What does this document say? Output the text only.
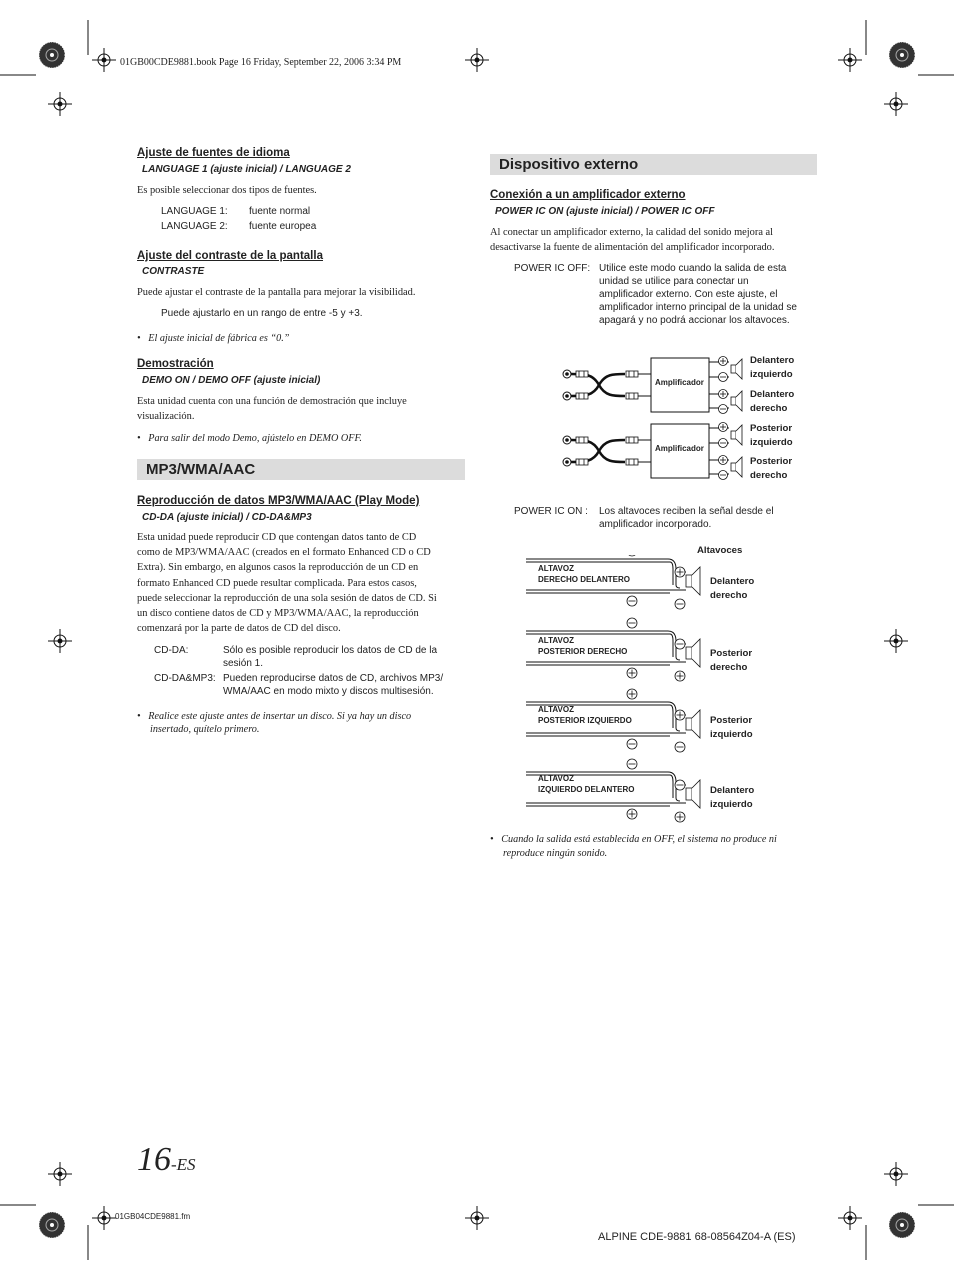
01GB00CDE9881.book Page 16 Friday, September 22, 2006 3:34 PM
Ajuste de fuentes de idioma
LANGUAGE 1 (ajuste inicial) / LANGUAGE 2
Es posible seleccionar dos tipos de fuentes.
LANGUAGE 1: fuente normal
LANGUAGE 2: fuente europea
Ajuste del contraste de la pantalla
CONTRASTE
Puede ajustar el contraste de la pantalla para mejorar la visibilidad.
Puede ajustarlo en un rango de entre -5 y +3.
•   El ajuste inicial de fábrica es “0.”
Demostración
DEMO ON / DEMO OFF (ajuste inicial)
Esta unidad cuenta con una función de demostración que incluye
visualización.
•   Para salir del modo Demo, ajústelo en DEMO OFF.
MP3/WMA/AAC
Reproducción de datos MP3/WMA/AAC (Play Mode)
CD-DA (ajuste inicial) / CD-DA&MP3
Esta unidad puede reproducir CD que contengan datos tanto de CD
como de MP3/WMA/AAC (creados en el formato Enhanced CD o CD
Extra). Sin embargo, en algunos casos la reproducción de un CD en
formato Enhanced CD puede resultar complicada. Para estos casos,
puede seleccionar la reproducción de una sola sesión de datos de CD. Si
un disco contiene datos de CD y MP3/WMA/AAC, la reproducción
comenzará por la parte de datos de CD del disco.
CD-DA:	Sólo es posible reproducir los datos de CD de la
sesión 1.
CD-DA&MP3: Pueden reproducirse datos de CD, archivos MP3/
WMA/AAC en modo mixto y discos multisesión.
•   Realice este ajuste antes de insertar un disco. Si ya hay un disco
insertado, quítelo primero.
Dispositivo externo
Conexión a un amplificador externo
POWER IC ON (ajuste inicial) / POWER IC OFF
Al conectar un amplificador externo, la calidad del sonido mejora al
desactivarse la fuente de alimentación del amplificador incorporado.
POWER IC OFF: Utilice este modo cuando la salida de esta
unidad se utilice para conectar un
amplificador externo. Con este ajuste, el
amplificador interno principal de la unidad se
apagará y no podrá accionar los altavoces.
Amplificador
Amplificador
Delantero
izquierdo
Delantero
derecho
Posterior
izquierdo
Posterior
derecho
POWER IC ON : Los altavoces reciben la señal desde el
amplificador incorporado.
Altavoces
ALTAVOZ
DERECHO DELANTERO	Delantero
derecho
ALTAVOZ
POSTERIOR DERECHO	Posterior
derecho
ALTAVOZ
POSTERIOR IZQUIERDO	Posterior
izquierdo
ALTAVOZ
IZQUIERDO DELANTERO	Delantero
izquierdo
•   Cuando la salida está establecida en OFF, el sistema no produce ni
reproduce ningún sonido.
16-ES
01GB04CDE9881.fm
ALPINE CDE-9881 68-08564Z04-A (ES)
